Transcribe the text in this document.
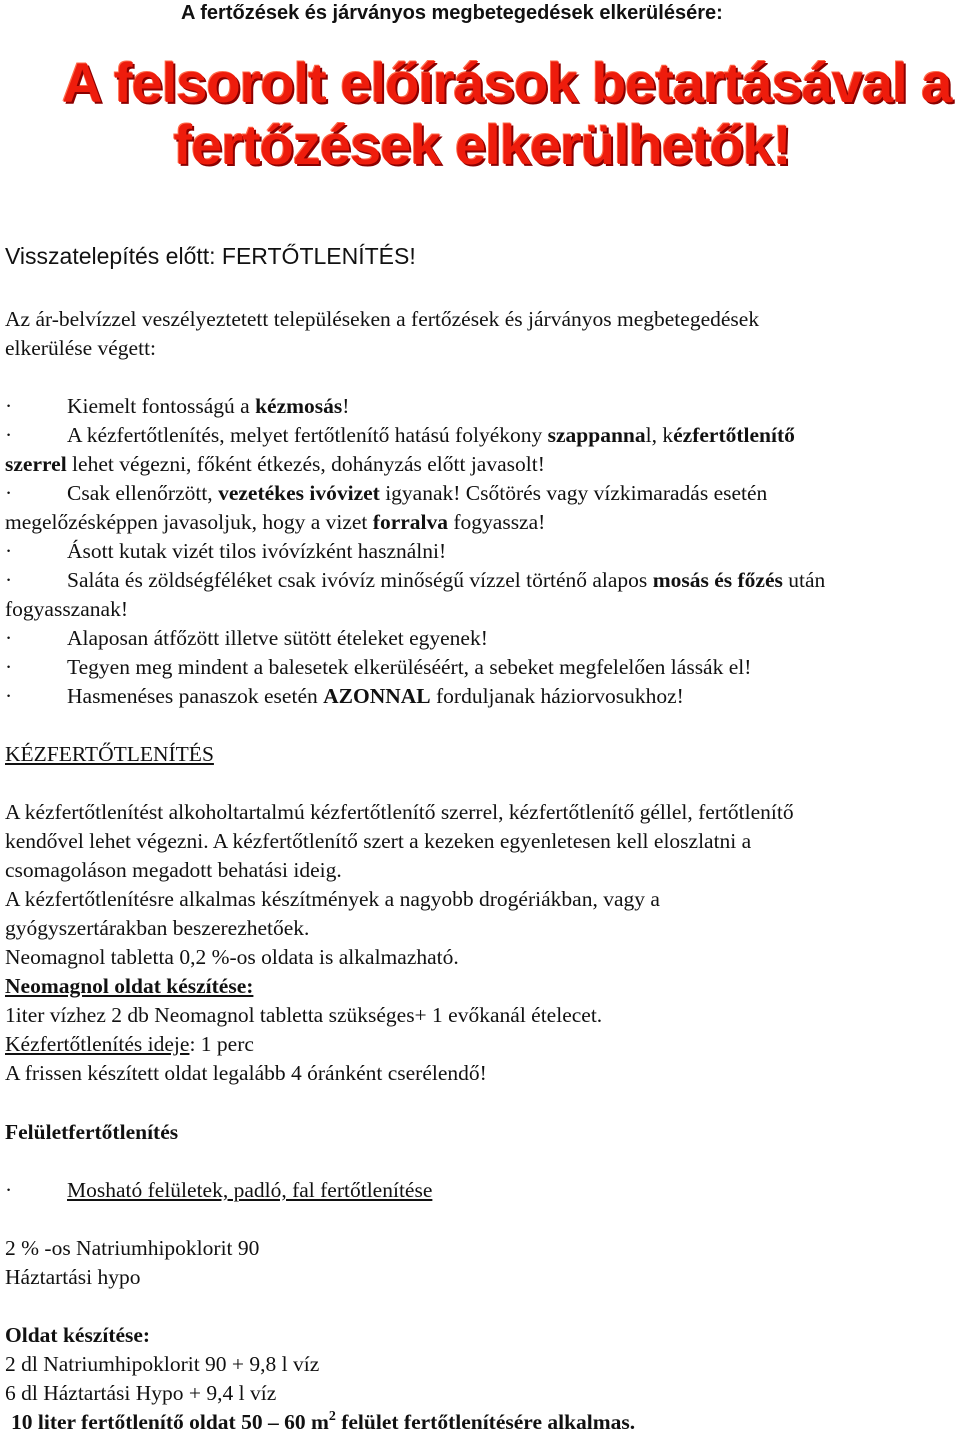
A fertőzések és járványos megbetegedések elkerülésére:
A felsorolt előírások betartásával a
fertőzések elkerülhetők!
Visszatelepítés előtt: FERTŐTLENÍTÉS!
Az ár-belvízzel veszélyeztetett településeken a fertőzések és járványos megbetegedések
elkerülése végett:
·	Kiemelt fontosságú a kézmosás!
·	A kézfertőtlenítés, melyet fertőtlenítő hatású folyékony szappannal, kézfertőtlenítő
szerrel lehet végezni, főként étkezés, dohányzás előtt javasolt!
·	Csak ellenőrzött, vezetékes ivóvizet igyanak! Csőtörés vagy vízkimaradás esetén
megelőzésképpen javasoljuk, hogy a vizet forralva fogyassza!
·	Ásott kutak vizét tilos ivóvízként használni!
·	Saláta és zöldségféléket csak ivóvíz minőségű vízzel történő alapos mosás és főzés után
fogyasszanak!
·	Alaposan átfőzött illetve sütött ételeket egyenek!
·	Tegyen meg mindent a balesetek elkerüléséért, a sebeket megfelelően lássák el!
·	Hasmenéses panaszok esetén AZONNAL forduljanak háziorvosukhoz!
KÉZFERTŐTLENÍTÉS
A kézfertőtlenítést alkoholtartalmú kézfertőtlenítő szerrel, kézfertőtlenítő géllel, fertőtlenítő
kendővel lehet végezni. A kézfertőtlenítő szert a kezeken egyenletesen kell eloszlatni a
csomagoláson megadott behatási ideig.
A kézfertőtlenítésre alkalmas készítmények a nagyobb drogériákban, vagy a
gyógyszertárakban beszerezhetőek.
Neomagnol tabletta 0,2 %-os oldata is alkalmazható.
Neomagnol oldat készítése:
1iter vízhez 2 db Neomagnol tabletta szükséges+ 1 evőkanál ételecet.
Kézfertőtlenítés ideje: 1 perc
A frissen készített oldat legalább 4 óránként cserélendő!
Felületfertőtlenítés
·	Mosható felületek, padló, fal fertőtlenítése
2 % -os Natriumhipoklorit 90
Háztartási hypo
Oldat készítése:
2 dl Natriumhipoklorit 90 + 9,8 l víz
6 dl Háztartási Hypo + 9,4 l víz
10 liter fertőtlenítő oldat 50 – 60 $m^2$ felület fertőtlenítésére alkalmas.
